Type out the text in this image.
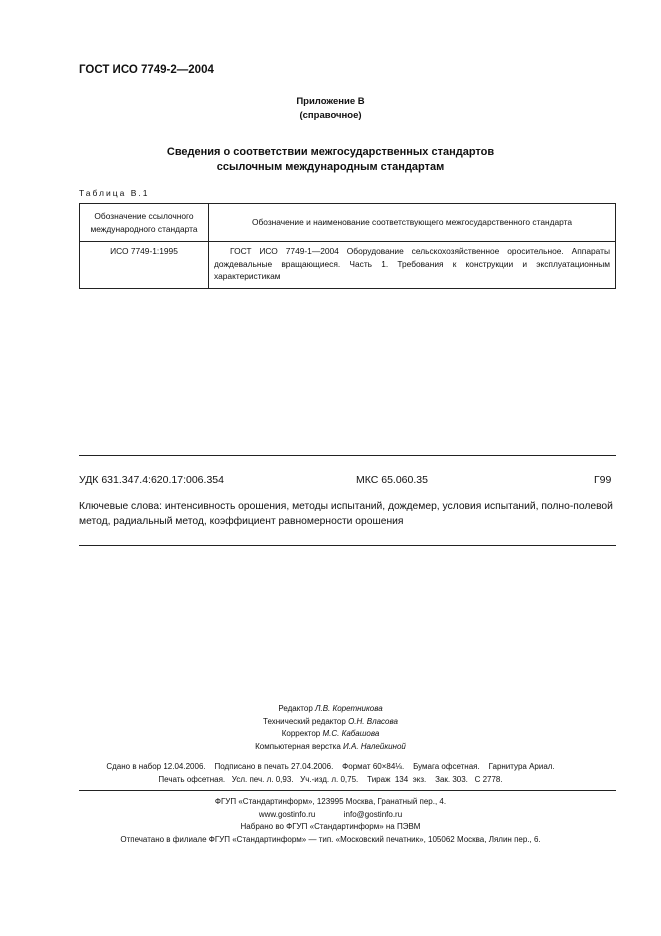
ГОСТ ИСО 7749-2—2004
Приложение В
(справочное)
Сведения о соответствии межгосударственных стандартов
ссылочным международным стандартам
Таблица В.1
Обозначение ссылочного международного стандарта	Обозначение и наименование соответствующего межгосударственного стандарта
ИСО 7749-1:1995	ГОСТ ИСО 7749-1—2004 Оборудование сельскохозяйственное оросительное. Аппараты дождевальные вращающиеся. Часть 1. Требования к конструкции и эксплуатационным характеристикам
УДК 631.347.4:620.17:006.354	МКС 65.060.35	Г99
Ключевые слова: интенсивность орошения, методы испытаний, дождемер, условия испытаний, полно-полевой метод, радиальный метод, коэффициент равномерности орошения
Редактор Л.В. Коретникова
Технический редактор О.Н. Власова
Корректор М.С. Кабашова
Компьютерная верстка И.А. Налейкиной
Сдано в набор 12.04.2006.    Подписано в печать 27.04.2006.    Формат 60×84⅛.    Бумага офсетная.    Гарнитура Ариал.
Печать офсетная.   Усл. печ. л. 0,93.   Уч.-изд. л. 0,75.    Тираж  134  экз.    Зак. 303.   С 2778.
ФГУП «Стандартинформ», 123995 Москва, Гранатный пер., 4.
www.gostinfo.ru	info@gostinfo.ru
Набрано во ФГУП «Стандартинформ» на ПЭВМ
Отпечатано в филиале ФГУП «Стандартинформ» — тип. «Московский печатник», 105062 Москва, Лялин пер., 6.
